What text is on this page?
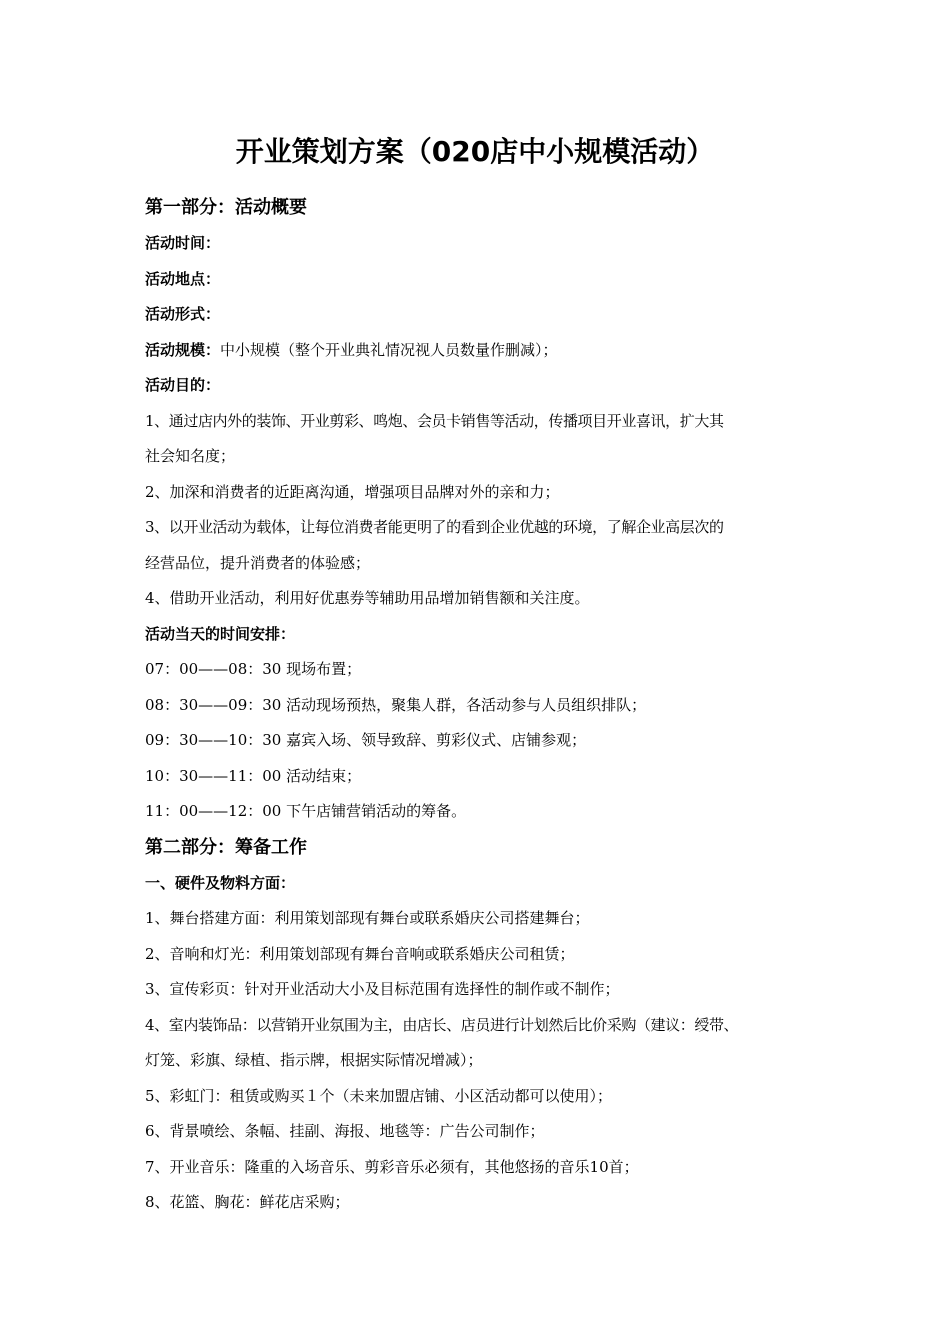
开业策划方案（020店中小规模活动）
第一部分：活动概要
活动时间：
活动地点：
活动形式：
活动规模：中小规模（整个开业典礼情况视人员数量作删减）；
活动目的：
1、通过店内外的装饰、开业剪彩、鸣炮、会员卡销售等活动，传播项目开业喜讯，扩大其
社会知名度；
2、加深和消费者的近距离沟通，增强项目品牌对外的亲和力；
3、以开业活动为载体，让每位消费者能更明了的看到企业优越的环境，了解企业高层次的
经营品位，提升消费者的体验感；
4、借助开业活动，利用好优惠券等辅助用品增加销售额和关注度。
活动当天的时间安排：
07：00——08：30 现场布置；
08：30——09：30 活动现场预热，聚集人群，各活动参与人员组织排队；
09：30——10：30 嘉宾入场、领导致辞、剪彩仪式、店铺参观；
10：30——11：00 活动结束；
11：00——12：00 下午店铺营销活动的筹备。
第二部分：筹备工作
一、硬件及物料方面：
1、舞台搭建方面：利用策划部现有舞台或联系婚庆公司搭建舞台；
2、音响和灯光：利用策划部现有舞台音响或联系婚庆公司租赁；
3、宣传彩页：针对开业活动大小及目标范围有选择性的制作或不制作；
4、室内装饰品：以营销开业氛围为主，由店长、店员进行计划然后比价采购（建议：绶带、
灯笼、彩旗、绿植、指示牌，根据实际情况增减）；
5、彩虹门：租赁或购买１个（未来加盟店铺、小区活动都可以使用）；
6、背景喷绘、条幅、挂副、海报、地毯等：广告公司制作；
7、开业音乐：隆重的入场音乐、剪彩音乐必须有，其他悠扬的音乐10首；
8、花篮、胸花：鲜花店采购；
